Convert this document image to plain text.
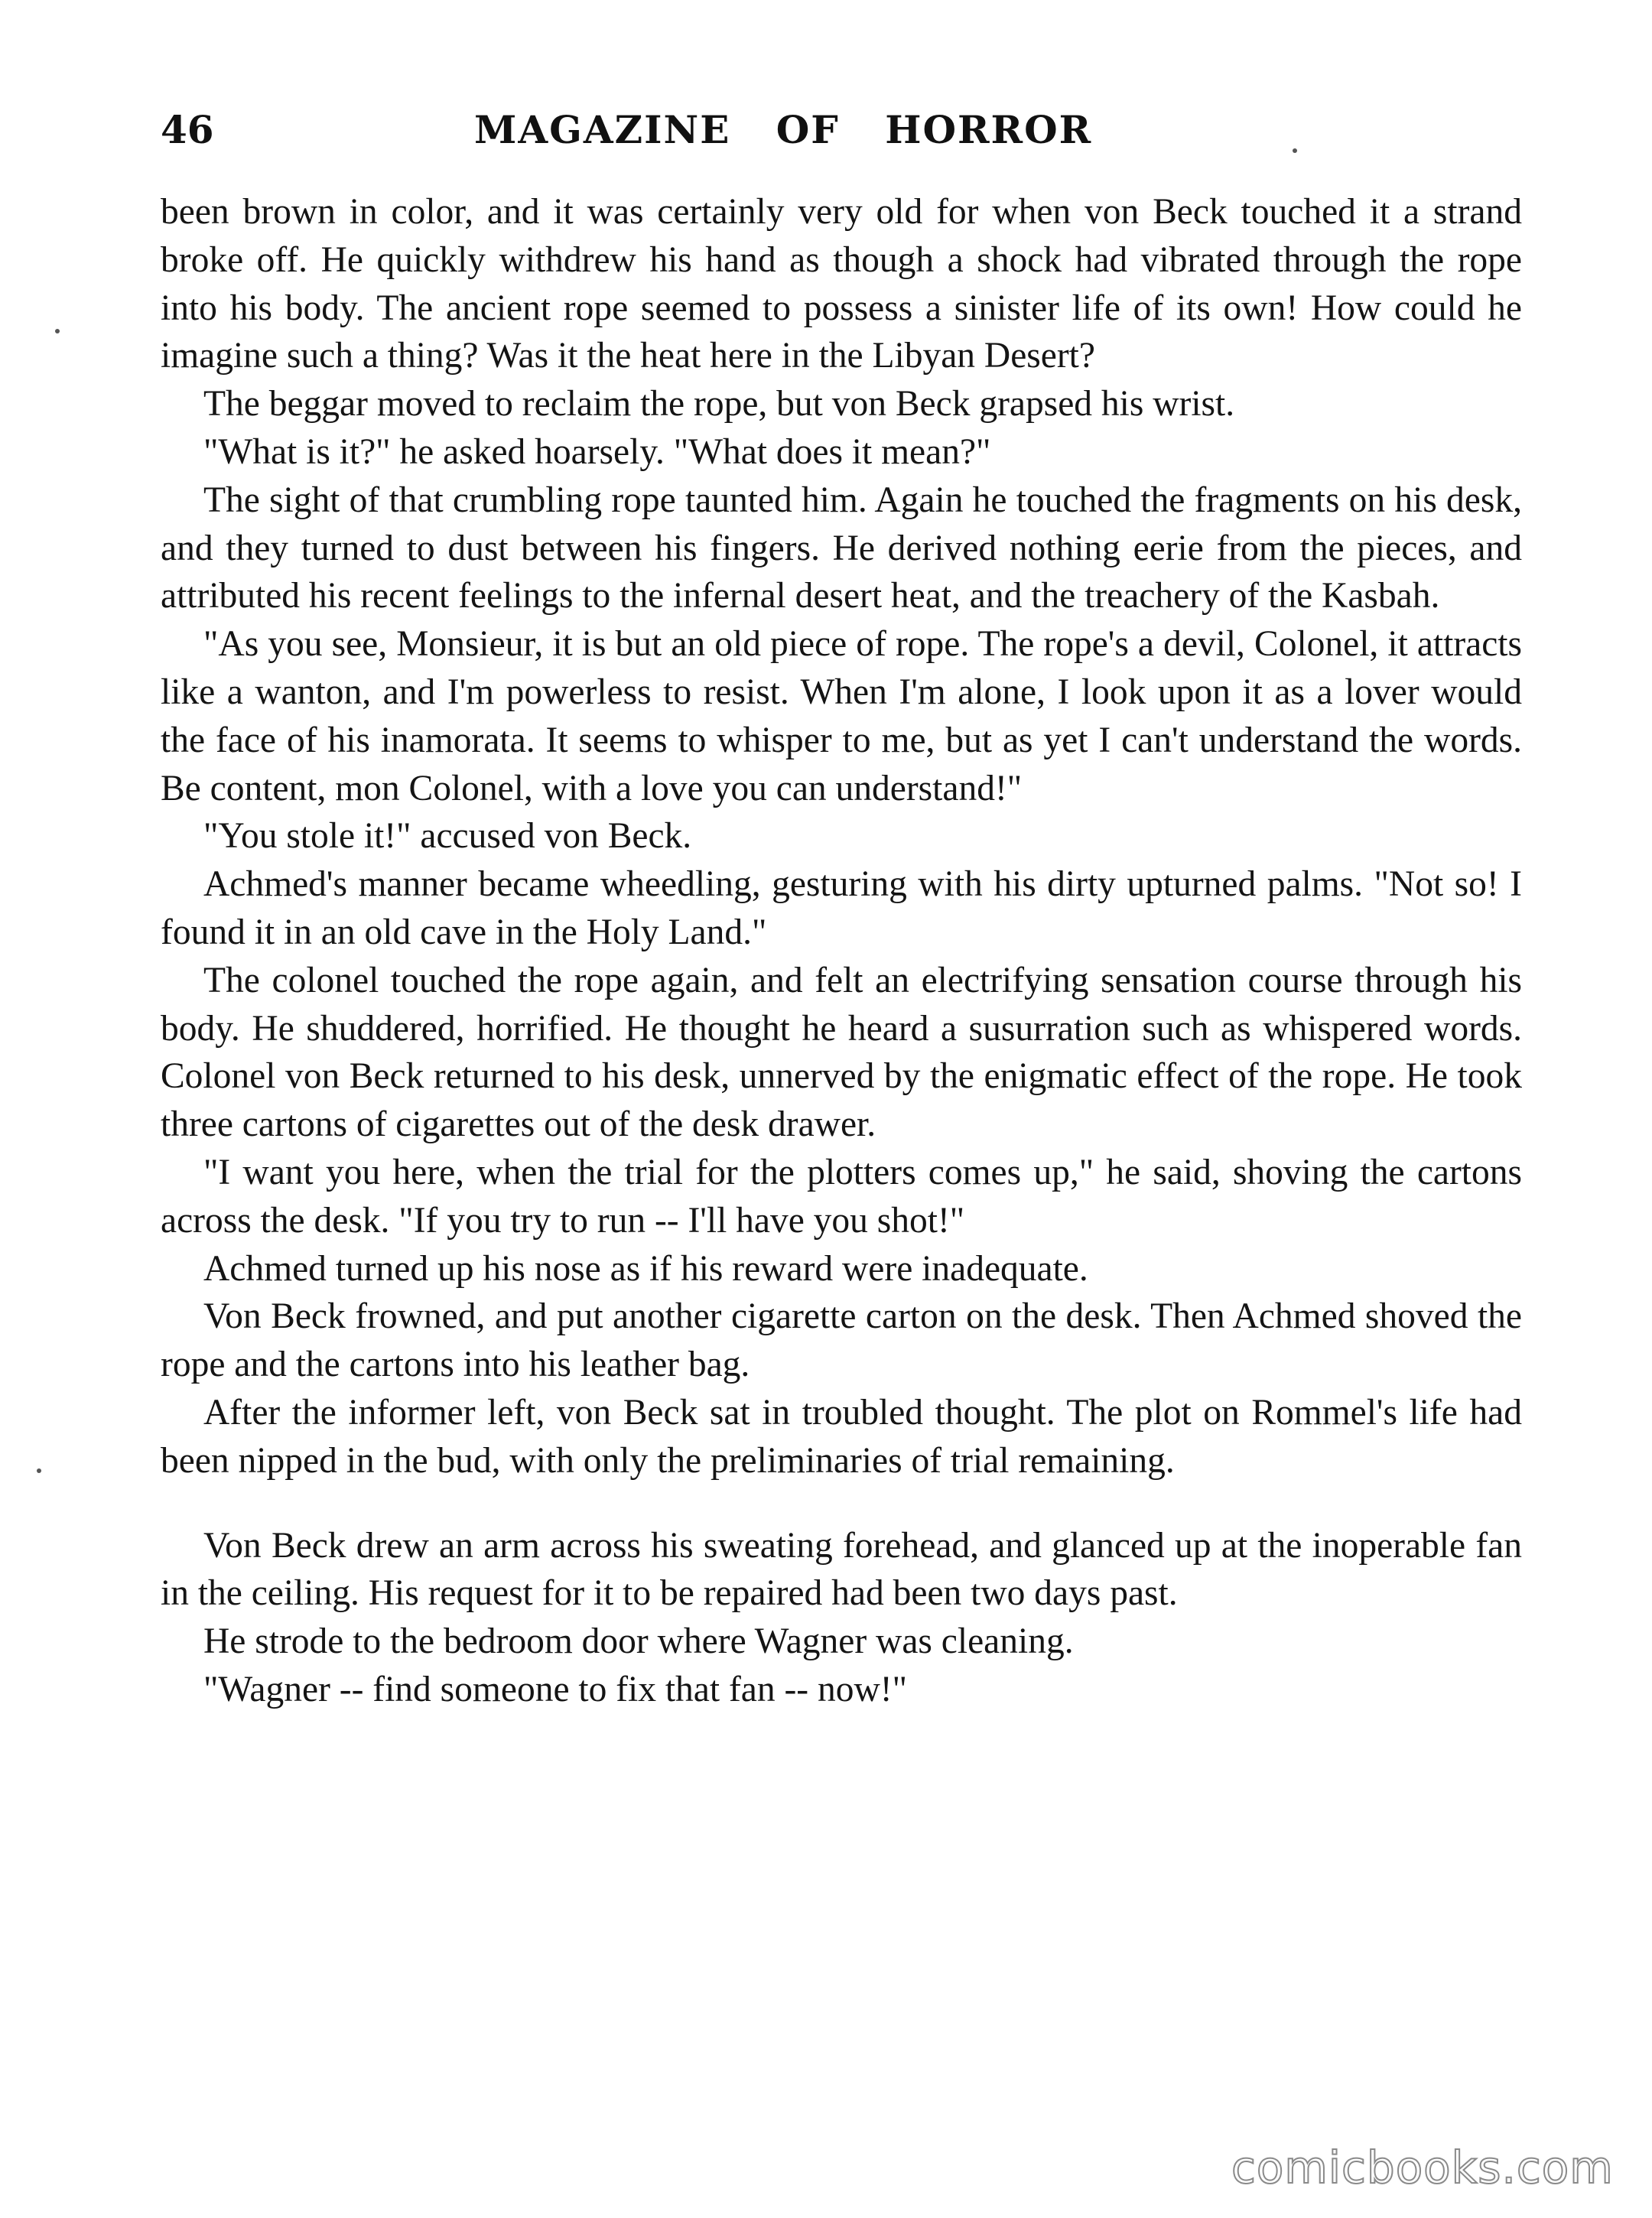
46	MAGAZINE OF HORROR

been brown in color, and it was certainly very old for when von Beck touched it a strand broke off. He quickly withdrew his hand as though a shock had vibrated through the rope into his body. The ancient rope seemed to possess a sinister life of its own! How could he imagine such a thing? Was it the heat here in the Libyan Desert?

The beggar moved to reclaim the rope, but von Beck grapsed his wrist.

"What is it?" he asked hoarsely. "What does it mean?"

The sight of that crumbling rope taunted him. Again he touched the fragments on his desk, and they turned to dust between his fingers. He derived nothing eerie from the pieces, and attributed his recent feelings to the infernal desert heat, and the treachery of the Kasbah.

"As you see, Monsieur, it is but an old piece of rope. The rope's a devil, Colonel, it attracts like a wanton, and I'm powerless to resist. When I'm alone, I look upon it as a lover would the face of his inamorata. It seems to whisper to me, but as yet I can't understand the words. Be content, mon Colonel, with a love you can understand!"

"You stole it!" accused von Beck.

Achmed's manner became wheedling, gesturing with his dirty upturned palms. "Not so! I found it in an old cave in the Holy Land."

The colonel touched the rope again, and felt an electrifying sensation course through his body. He shuddered, horrified. He thought he heard a susurration such as whispered words. Colonel von Beck returned to his desk, unnerved by the enigmatic effect of the rope. He took three cartons of cigarettes out of the desk drawer.

"I want you here, when the trial for the plotters comes up," he said, shoving the cartons across the desk. "If you try to run -- I'll have you shot!"

Achmed turned up his nose as if his reward were inadequate.

Von Beck frowned, and put another cigarette carton on the desk. Then Achmed shoved the rope and the cartons into his leather bag.

After the informer left, von Beck sat in troubled thought. The plot on Rommel's life had been nipped in the bud, with only the preliminaries of trial remaining.

Von Beck drew an arm across his sweating forehead, and glanced up at the inoperable fan in the ceiling. His request for it to be repaired had been two days past.

He strode to the bedroom door where Wagner was cleaning.

"Wagner -- find someone to fix that fan -- now!"

comicbooks.com
